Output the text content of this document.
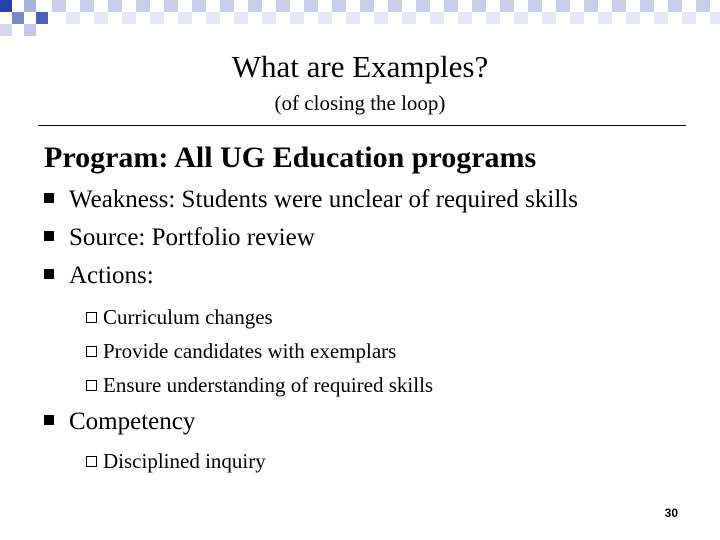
What are Examples?
(of closing the loop)
Program: All UG Education programs
Weakness: Students were unclear of required skills
Source: Portfolio review
Actions:
Curriculum changes
Provide candidates with exemplars
Ensure understanding of required skills
Competency
Disciplined inquiry
30
